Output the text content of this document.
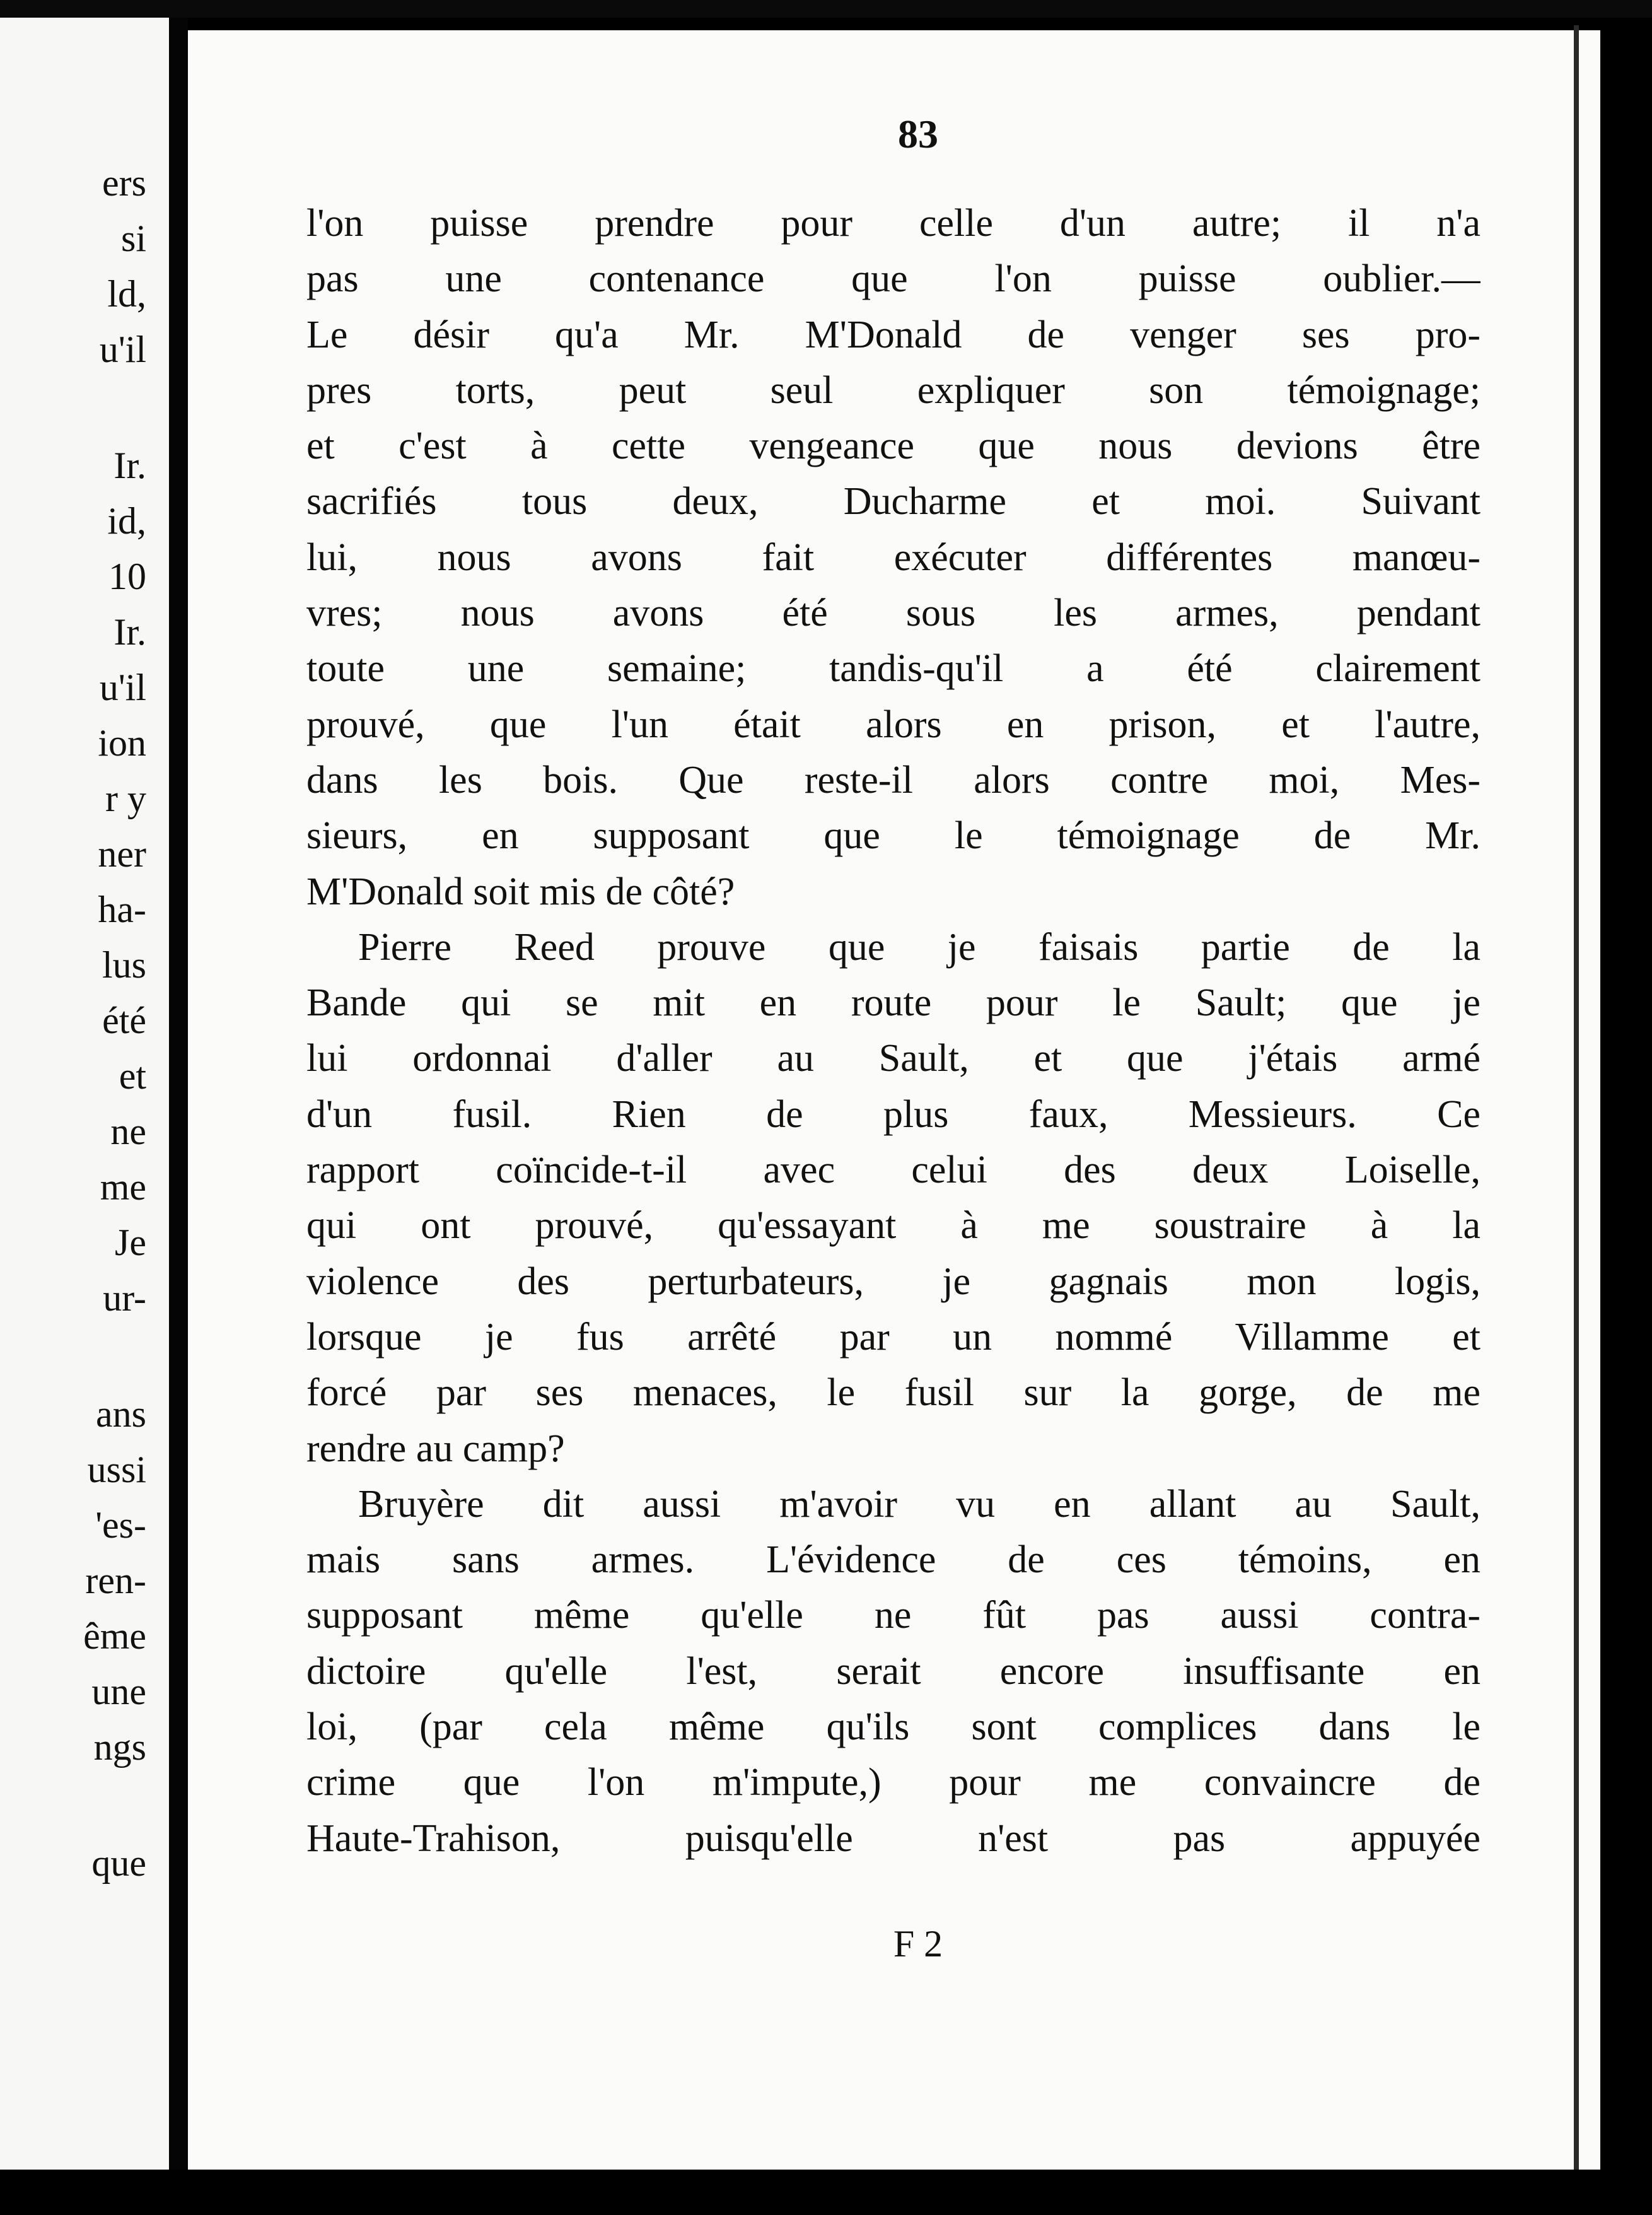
ers
si
ld,
u'il
Ir.
id,
10
Ir.
u'il
ion
r y
ner
ha-
lus
été
et
ne
me
Je
ur-
ans
ussi
'es-
ren-
ême
une
ngs
que
83
l'on puisse prendre pour celle d'un autre; il n'a
pas une contenance que l'on puisse oublier.—
Le désir qu'a Mr. M'Donald de venger ses pro-
pres torts, peut seul expliquer son témoignage;
et c'est à cette vengeance que nous devions être
sacrifiés tous deux, Ducharme et moi. Suivant
lui, nous avons fait exécuter différentes manœu-
vres; nous avons été sous les armes, pendant
toute une semaine; tandis-qu'il a été clairement
prouvé, que l'un était alors en prison, et l'autre,
dans les bois. Que reste-il alors contre moi, Mes-
sieurs, en supposant que le témoignage de Mr.
M'Donald soit mis de côté?
Pierre Reed prouve que je faisais partie de la
Bande qui se mit en route pour le Sault; que je
lui ordonnai d'aller au Sault, et que j'étais armé
d'un fusil. Rien de plus faux, Messieurs. Ce
rapport coïncide-t-il avec celui des deux Loiselle,
qui ont prouvé, qu'essayant à me soustraire à la
violence des perturbateurs, je gagnais mon logis,
lorsque je fus arrêté par un nommé Villamme et
forcé par ses menaces, le fusil sur la gorge, de me
rendre au camp?
Bruyère dit aussi m'avoir vu en allant au Sault,
mais sans armes. L'évidence de ces témoins, en
supposant même qu'elle ne fût pas aussi contra-
dictoire qu'elle l'est, serait encore insuffisante en
loi, (par cela même qu'ils sont complices dans le
crime que l'on m'impute,) pour me convaincre de
Haute-Trahison, puisqu'elle n'est pas appuyée
F 2
